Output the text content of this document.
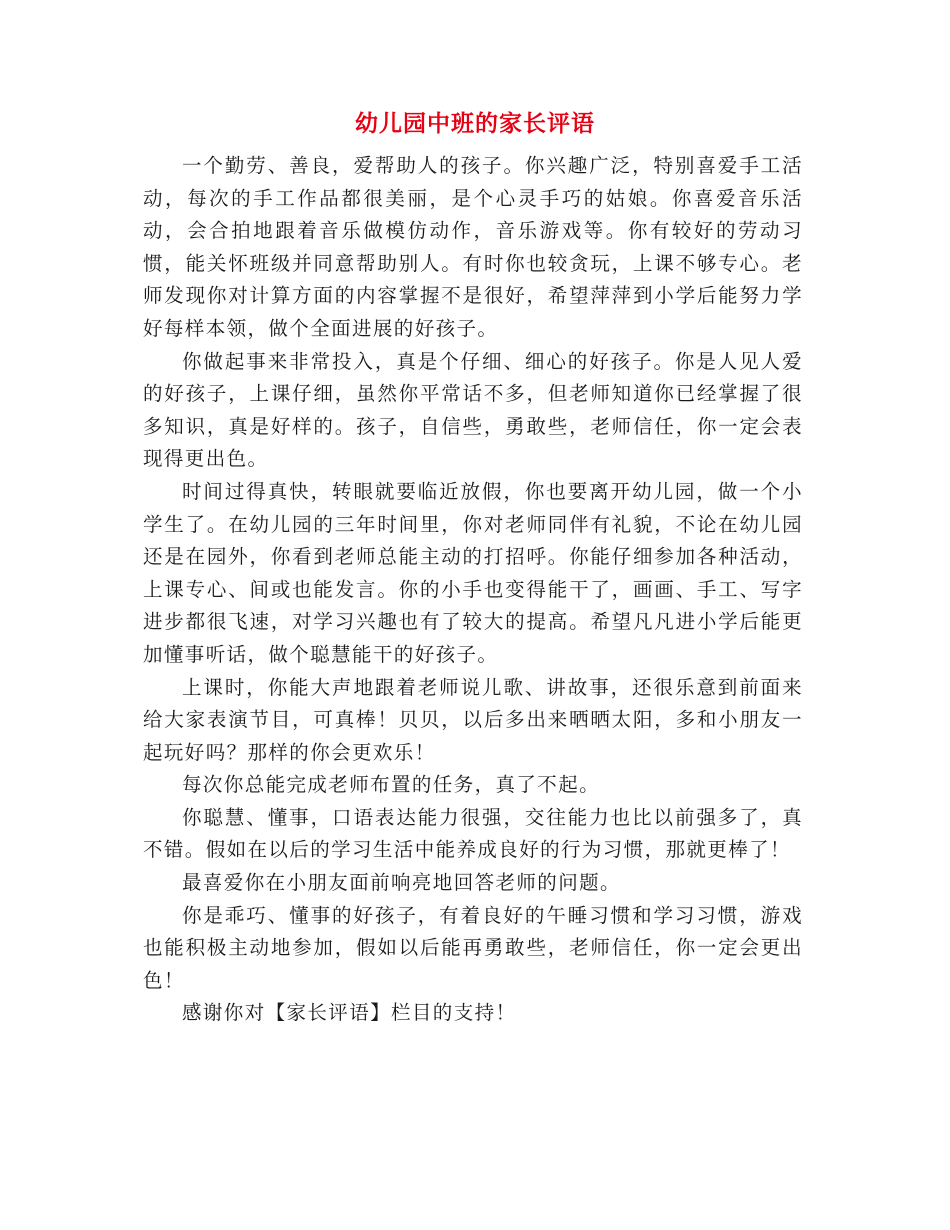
幼儿园中班的家长评语

一个勤劳、善良，爱帮助人的孩子。你兴趣广泛，特别喜爱手工活动，每次的手工作品都很美丽，是个心灵手巧的姑娘。你喜爱音乐活动，会合拍地跟着音乐做模仿动作，音乐游戏等。你有较好的劳动习惯，能关怀班级并同意帮助别人。有时你也较贪玩，上课不够专心。老师发现你对计算方面的内容掌握不是很好，希望萍萍到小学后能努力学好每样本领，做个全面进展的好孩子。

你做起事来非常投入，真是个仔细、细心的好孩子。你是人见人爱的好孩子，上课仔细，虽然你平常话不多，但老师知道你已经掌握了很多知识，真是好样的。孩子，自信些，勇敢些，老师信任，你一定会表现得更出色。

时间过得真快，转眼就要临近放假，你也要离开幼儿园，做一个小学生了。在幼儿园的三年时间里，你对老师同伴有礼貌，不论在幼儿园还是在园外，你看到老师总能主动的打招呼。你能仔细参加各种活动，上课专心、间或也能发言。你的小手也变得能干了，画画、手工、写字进步都很飞速，对学习兴趣也有了较大的提高。希望凡凡进小学后能更加懂事听话，做个聪慧能干的好孩子。

上课时，你能大声地跟着老师说儿歌、讲故事，还很乐意到前面来给大家表演节目，可真棒！贝贝，以后多出来晒晒太阳，多和小朋友一起玩好吗？那样的你会更欢乐！

每次你总能完成老师布置的任务，真了不起。

你聪慧、懂事，口语表达能力很强，交往能力也比以前强多了，真不错。假如在以后的学习生活中能养成良好的行为习惯，那就更棒了！

最喜爱你在小朋友面前响亮地回答老师的问题。

你是乖巧、懂事的好孩子，有着良好的午睡习惯和学习习惯，游戏也能积极主动地参加，假如以后能再勇敢些，老师信任，你一定会更出色！

感谢你对【家长评语】栏目的支持！
